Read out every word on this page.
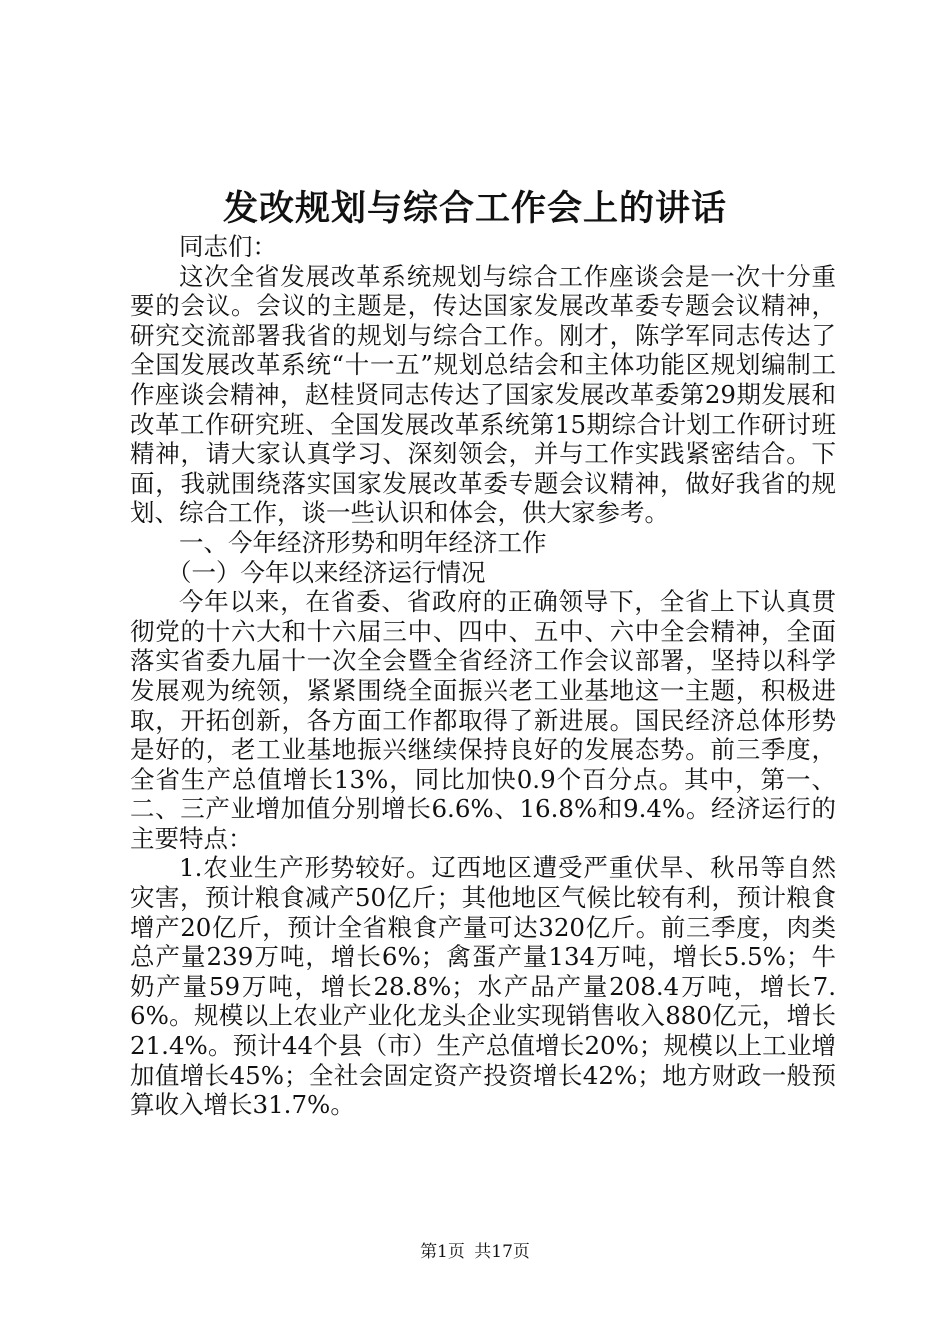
发改规划与综合工作会上的讲话

同志们：

这次全省发展改革系统规划与综合工作座谈会是一次十分重要的会议。会议的主题是，传达国家发展改革委专题会议精神，研究交流部署我省的规划与综合工作。刚才，陈学军同志传达了全国发展改革系统“十一五”规划总结会和主体功能区规划编制工作座谈会精神，赵桂贤同志传达了国家发展改革委第29期发展和改革工作研究班、全国发展改革系统第15期综合计划工作研讨班精神，请大家认真学习、深刻领会，并与工作实践紧密结合。下面，我就围绕落实国家发展改革委专题会议精神，做好我省的规划、综合工作，谈一些认识和体会，供大家参考。

一、今年经济形势和明年经济工作

（一）今年以来经济运行情况

今年以来，在省委、省政府的正确领导下，全省上下认真贯彻党的十六大和十六届三中、四中、五中、六中全会精神，全面落实省委九届十一次全会暨全省经济工作会议部署，坚持以科学发展观为统领，紧紧围绕全面振兴老工业基地这一主题，积极进取，开拓创新，各方面工作都取得了新进展。国民经济总体形势是好的，老工业基地振兴继续保持良好的发展态势。前三季度，全省生产总值增长13%，同比加快0.9个百分点。其中，第一、二、三产业增加值分别增长6.6%、16.8%和9.4%。经济运行的主要特点：

1.农业生产形势较好。辽西地区遭受严重伏旱、秋吊等自然灾害，预计粮食减产50亿斤；其他地区气候比较有利，预计粮食增产20亿斤，预计全省粮食产量可达320亿斤。前三季度，肉类总产量239万吨，增长6%；禽蛋产量134万吨，增长5.5%；牛奶产量59万吨，增长28.8%；水产品产量208.4万吨，增长7.6%。规模以上农业产业化龙头企业实现销售收入880亿元，增长21.4%。预计44个县（市）生产总值增长20%；规模以上工业增加值增长45%；全社会固定资产投资增长42%；地方财政一般预算收入增长31.7%。

第1页 共17页
